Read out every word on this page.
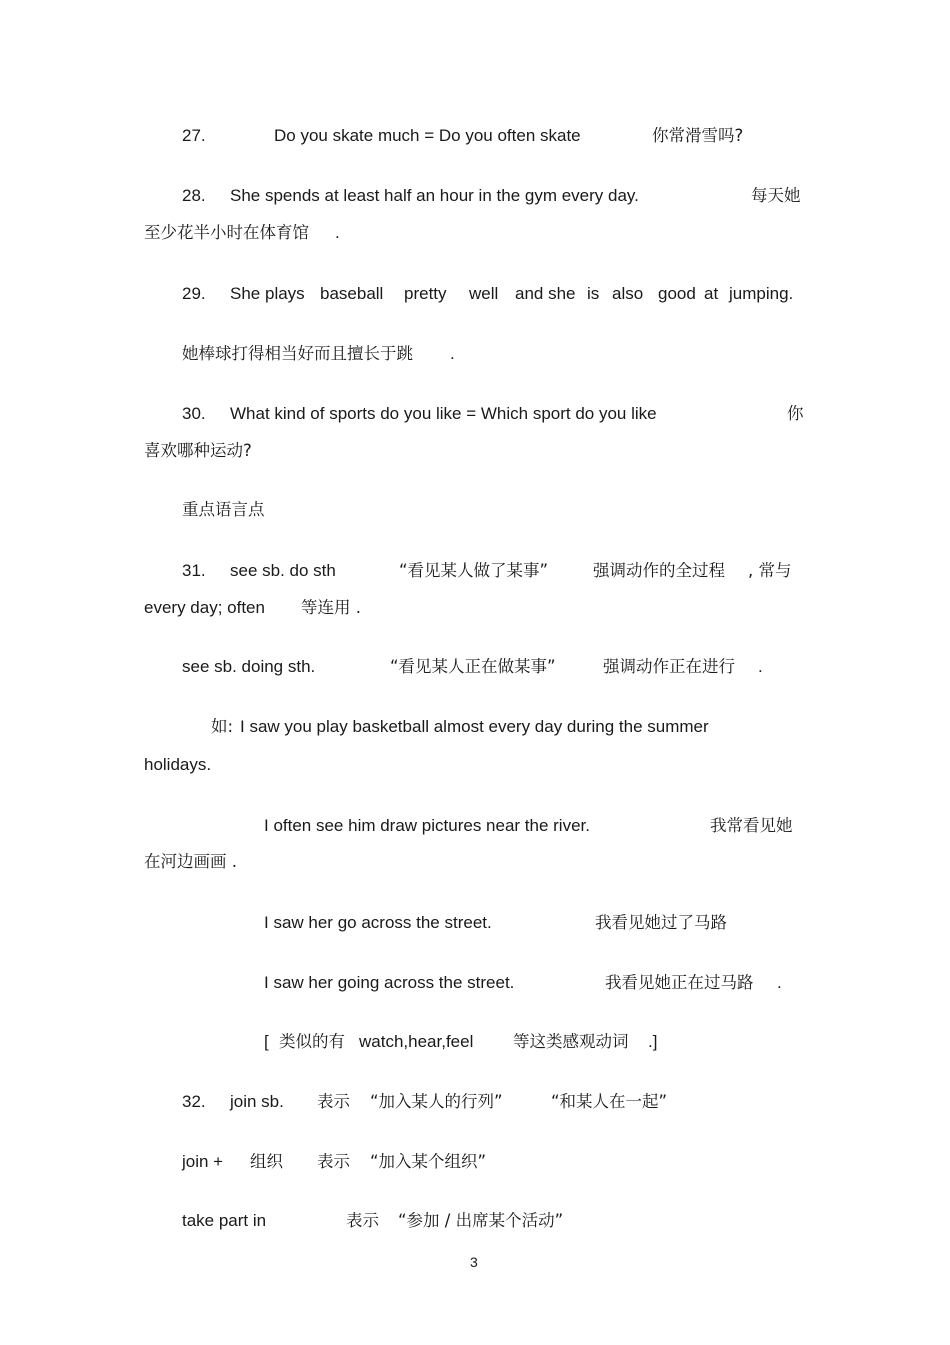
27.	Do you skate much = Do you often skate	你常滑雪吗?
28. She spends at least half an hour in the gym every day.	每天她
至少花半小时在体育馆 .
29. She plays baseball pretty well and she is also good at jumping.
她棒球打得相当好而且擅长于跳 .
30. What kind of sports do you like = Which sport do you like	你
喜欢哪种运动?
重点语言点
31. see sb. do sth	“看见某人做了某事”	强调动作的全过程 , 常与
every day; often 等连用 .
see sb. doing sth.	“看见某人正在做某事”	强调动作正在进行 .
如: I saw you play basketball almost every day during the summer
holidays.
I often see him draw pictures near the river.	我常看见她
在河边画画 .
I saw her go across the street.	我看见她过了马路
I saw her going across the street.	我看见她正在过马路 .
[ 类似的有 watch,hear,feel 等这类感观动词 .]
32. join sb. 表示 “加入某人的行列”	“和某人在一起”
join + 组织 表示 “加入某个组织”
take part in	表示 “参加 / 出席某个活动”
3
